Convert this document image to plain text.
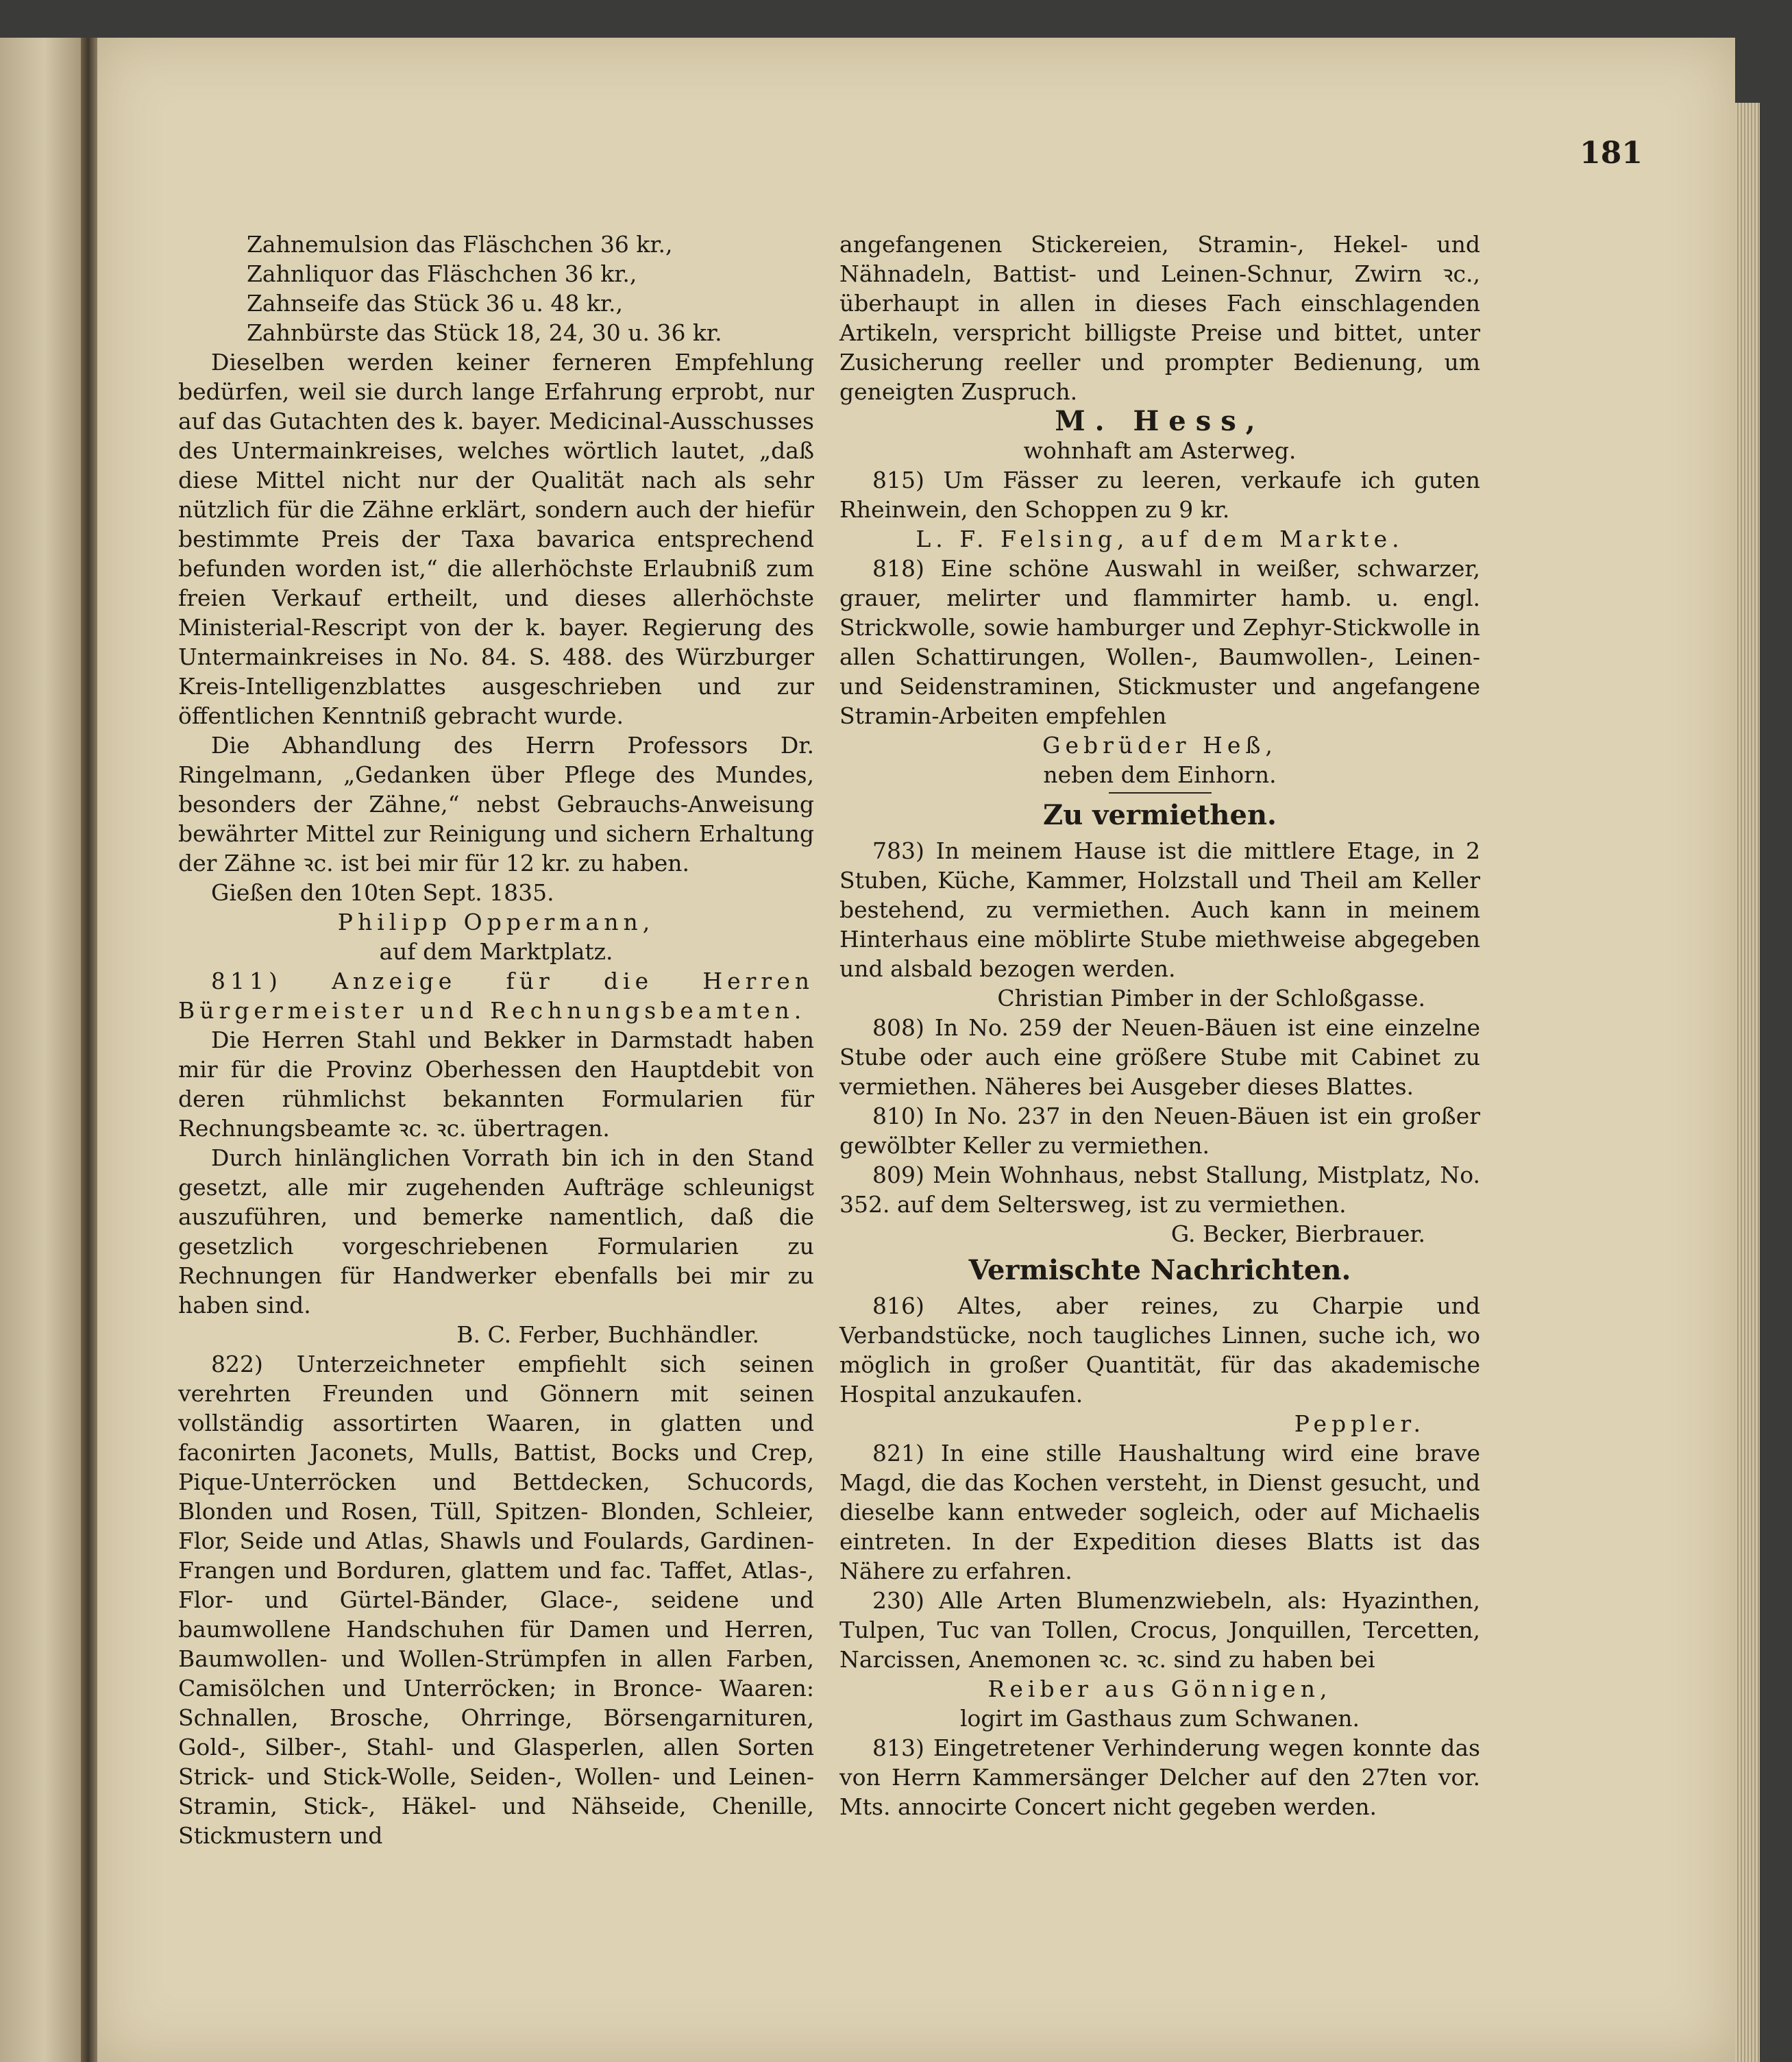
181

Zahnemulsion das Fläschchen 36 kr.,

Zahnliquor das Fläschchen 36 kr.,

Zahnseife das Stück 36 u. 48 kr.,

Zahnbürste das Stück 18, 24, 30 u. 36 kr.

Dieselben werden keiner ferneren Empfehlung bedürfen, weil sie durch lange Erfahrung erprobt, nur auf das Gutachten des k. bayer. Medicinal-Ausschusses des Untermainkreises, welches wörtlich lautet, „daß diese Mittel nicht nur der Qualität nach als sehr nützlich für die Zähne erklärt, sondern auch der hiefür bestimmte Preis der Taxa bavarica entsprechend befunden worden ist,“ die allerhöchste Erlaubniß zum freien Verkauf ertheilt, und dieses allerhöchste Ministerial-Rescript von der k. bayer. Regierung des Untermainkreises in No. 84. S. 488. des Würzburger Kreis-Intelligenzblattes ausgeschrieben und zur öffentlichen Kenntniß gebracht wurde.

Die Abhandlung des Herrn Professors Dr. Ringelmann, „Gedanken über Pflege des Mundes, besonders der Zähne,“ nebst Gebrauchs-Anweisung bewährter Mittel zur Reinigung und sichern Erhaltung der Zähne ꝛc. ist bei mir für 12 kr. zu haben.

Gießen den 10ten Sept. 1835.

Philipp Oppermann,

auf dem Marktplatz.

811) Anzeige für die Herren Bürgermeister und Rechnungsbeamten.

Die Herren Stahl und Bekker in Darmstadt haben mir für die Provinz Oberhessen den Hauptdebit von deren rühmlichst bekannten Formularien für Rechnungsbeamte ꝛc. ꝛc. übertragen.

Durch hinlänglichen Vorrath bin ich in den Stand gesetzt, alle mir zugehenden Aufträge schleunigst auszuführen, und bemerke namentlich, daß die gesetzlich vorgeschriebenen Formularien zu Rechnungen für Handwerker ebenfalls bei mir zu haben sind.

B. C. Ferber, Buchhändler.

822) Unterzeichneter empfiehlt sich seinen verehrten Freunden und Gönnern mit seinen vollständig assortirten Waaren, in glatten und faconirten Jaconets, Mulls, Battist, Bocks und Crep, Pique-Unterröcken und Bettdecken, Schucords, Blonden und Rosen, Tüll, Spitzen- Blonden, Schleier, Flor, Seide und Atlas, Shawls und Foulards, Gardinen- Frangen und Borduren, glattem und fac. Taffet, Atlas-, Flor- und Gürtel-Bänder, Glace-, seidene und baumwollene Handschuhen für Damen und Herren, Baumwollen- und Wollen-Strümpfen in allen Farben, Camisölchen und Unterröcken; in Bronce- Waaren: Schnallen, Brosche, Ohrringe, Börsengarnituren, Gold-, Silber-, Stahl- und Glasperlen, allen Sorten Strick- und Stick-Wolle, Seiden-, Wollen- und Leinen-Stramin, Stick-, Häkel- und Nähseide, Chenille, Stickmustern und

angefangenen Stickereien, Stramin-, Hekel- und Nähnadeln, Battist- und Leinen-Schnur, Zwirn ꝛc., überhaupt in allen in dieses Fach einschlagenden Artikeln, verspricht billigste Preise und bittet, unter Zusicherung reeller und prompter Bedienung, um geneigten Zuspruch.

M. Hess,

wohnhaft am Asterweg.

815) Um Fässer zu leeren, verkaufe ich guten Rheinwein, den Schoppen zu 9 kr.

L. F. Felsing, auf dem Markte.

818) Eine schöne Auswahl in weißer, schwarzer, grauer, melirter und flammirter hamb. u. engl. Strickwolle, sowie hamburger und Zephyr-Stickwolle in allen Schattirungen, Wollen-, Baumwollen-, Leinen- und Seidenstraminen, Stickmuster und angefangene Stramin-Arbeiten empfehlen

Gebrüder Heß,

neben dem Einhorn.

Zu vermiethen.

783) In meinem Hause ist die mittlere Etage, in 2 Stuben, Küche, Kammer, Holzstall und Theil am Keller bestehend, zu vermiethen. Auch kann in meinem Hinterhaus eine möblirte Stube miethweise abgegeben und alsbald bezogen werden.

Christian Pimber in der Schloßgasse.

808) In No. 259 der Neuen-Bäuen ist eine einzelne Stube oder auch eine größere Stube mit Cabinet zu vermiethen. Näheres bei Ausgeber dieses Blattes.

810) In No. 237 in den Neuen-Bäuen ist ein großer gewölbter Keller zu vermiethen.

809) Mein Wohnhaus, nebst Stallung, Mistplatz, No. 352. auf dem Seltersweg, ist zu vermiethen.

G. Becker, Bierbrauer.

Vermischte Nachrichten.

816) Altes, aber reines, zu Charpie und Verbandstücke, noch taugliches Linnen, suche ich, wo möglich in großer Quantität, für das akademische Hospital anzukaufen.

Peppler.

821) In eine stille Haushaltung wird eine brave Magd, die das Kochen versteht, in Dienst gesucht, und dieselbe kann entweder sogleich, oder auf Michaelis eintreten. In der Expedition dieses Blatts ist das Nähere zu erfahren.

230) Alle Arten Blumenzwiebeln, als: Hyazinthen, Tulpen, Tuc van Tollen, Crocus, Jonquillen, Tercetten, Narcissen, Anemonen ꝛc. ꝛc. sind zu haben bei

Reiber aus Gönnigen,

logirt im Gasthaus zum Schwanen.

813) Eingetretener Verhinderung wegen konnte das von Herrn Kammersänger Delcher auf den 27ten vor. Mts. annocirte Concert nicht gegeben werden.
